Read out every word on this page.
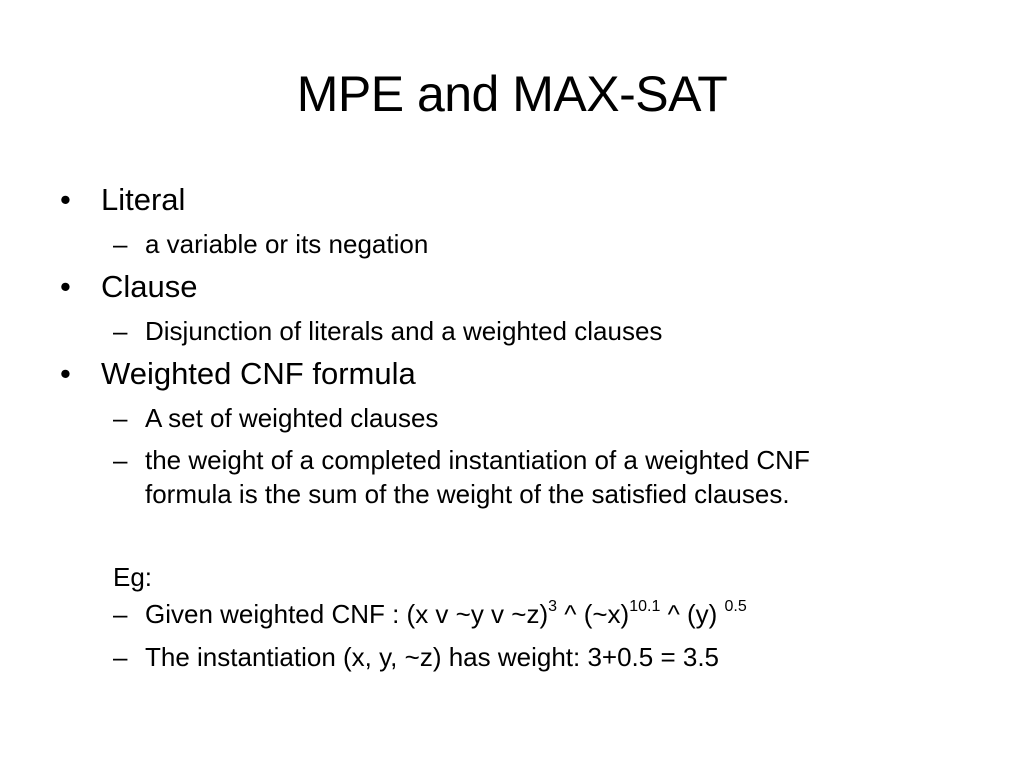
MPE and MAX-SAT
• Literal
– a variable or its negation
• Clause
– Disjunction of literals and a weighted clauses
• Weighted CNF formula
– A set of weighted clauses
– the weight of a completed instantiation of a weighted CNF
formula is the sum of the weight of the satisfied clauses.
Eg:
– Given weighted CNF : (x v ~y v ~z)$^3$ ^ (~x)$^{10.1}$ ^ (y) $^{0.5}$
– The instantiation (x, y, ~z) has weight: 3+0.5 = 3.5
